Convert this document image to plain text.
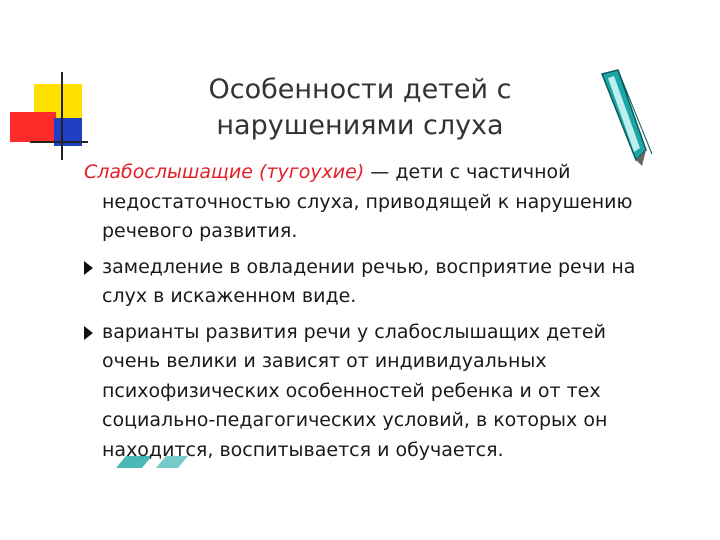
Особенности детей с
нарушениями слуха

Слабослышащие (тугоухие) — дети с частичной
недостаточностью слуха, приводящей к нарушению речевого развития.

замедление в овладении речью, восприятие речи на слух в искаженном виде.

варианты развития речи у слабослышащих детей очень велики и зависят от индивидуальных психофизических особенностей ребенка и от тех социально-педагогических условий, в которых он находится, воспитывается и обучается.
